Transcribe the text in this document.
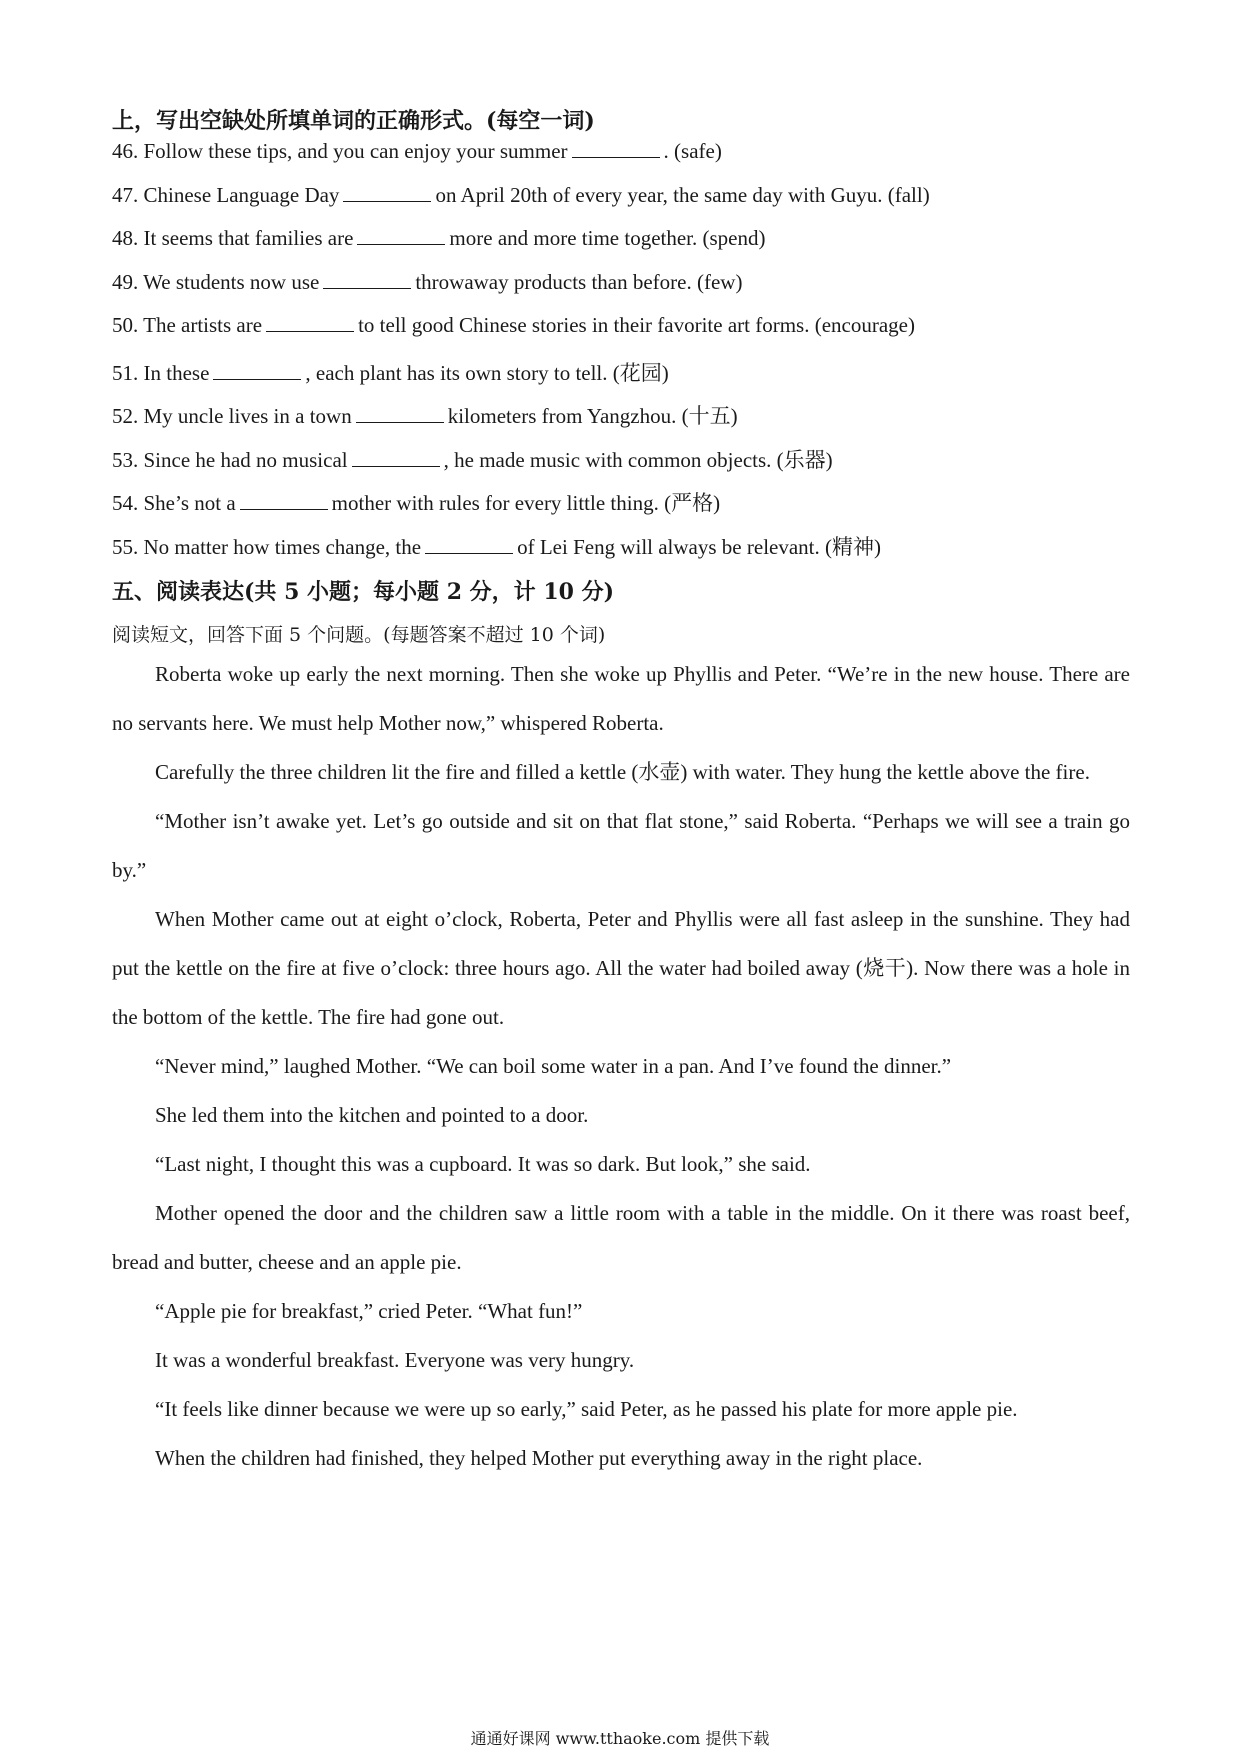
上，写出空缺处所填单词的正确形式。(每空一词)
46. Follow these tips, and you can enjoy your summer	. (safe)
47. Chinese Language Day	on April 20th of every year, the same day with Guyu. (fall)
48. It seems that families are	more and more time together. (spend)
49. We students now use	throwaway products than before. (few)
50. The artists are	to tell good Chinese stories in their favorite art forms. (encourage)
51. In these	, each plant has its own story to tell. (花园)
52. My uncle lives in a town	kilometers from Yangzhou. (十五)
53. Since he had no musical	, he made music with common objects. (乐器)
54. She’s not a	mother with rules for every little thing. (严格)
55. No matter how times change, the	of Lei Feng will always be relevant. (精神)
五、阅读表达(共 5 小题；每小题 2 分，计 10 分)
阅读短文，回答下面 5 个问题。(每题答案不超过 10 个词)

Roberta woke up early the next morning. Then she woke up Phyllis and Peter. “We’re in the new house. There are no servants here. We must help Mother now,” whispered Roberta.

Carefully the three children lit the fire and filled a kettle (水壶) with water. They hung the kettle above the fire.

“Mother isn’t awake yet. Let’s go outside and sit on that flat stone,” said Roberta. “Perhaps we will see a train go by.”

When Mother came out at eight o’clock, Roberta, Peter and Phyllis were all fast asleep in the sunshine. They had put the kettle on the fire at five o’clock: three hours ago. All the water had boiled away (烧干). Now there was a hole in the bottom of the kettle. The fire had gone out.

“Never mind,” laughed Mother. “We can boil some water in a pan. And I’ve found the dinner.”

She led them into the kitchen and pointed to a door.

“Last night, I thought this was a cupboard. It was so dark. But look,” she said.

Mother opened the door and the children saw a little room with a table in the middle. On it there was roast beef, bread and butter, cheese and an apple pie.

“Apple pie for breakfast,” cried Peter. “What fun!”

It was a wonderful breakfast. Everyone was very hungry.

“It feels like dinner because we were up so early,” said Peter, as he passed his plate for more apple pie.

When the children had finished, they helped Mother put everything away in the right place.

通通好课网 www.tthaoke.com 提供下载
